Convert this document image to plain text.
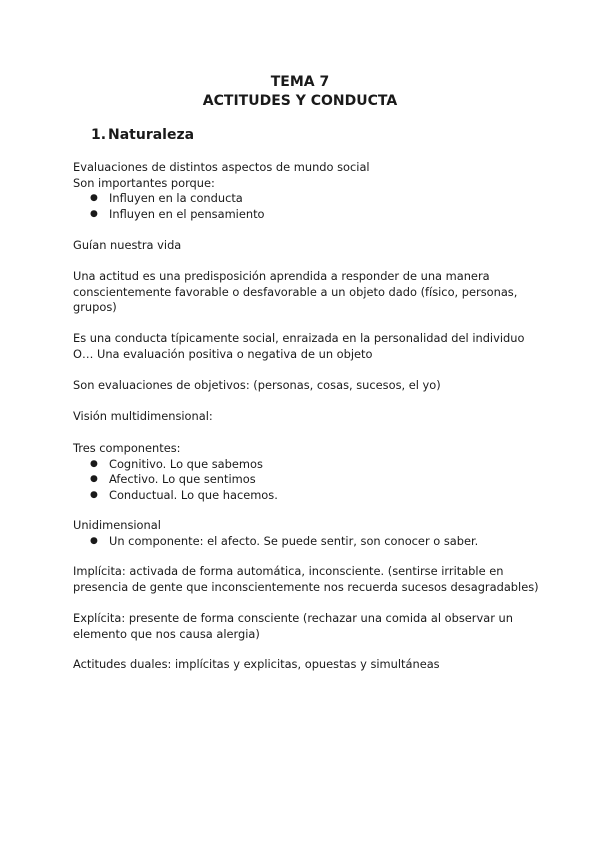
TEMA 7
ACTITUDES Y CONDUCTA
1. Naturaleza
Evaluaciones de distintos aspectos de mundo social
Son importantes porque:
● Influyen en la conducta
● Influyen en el pensamiento
Guían nuestra vida
Una actitud es una predisposición aprendida a responder de una manera
conscientemente favorable o desfavorable a un objeto dado (físico, personas,
grupos)
Es una conducta típicamente social, enraizada en la personalidad del individuo
O… Una evaluación positiva o negativa de un objeto
Son evaluaciones de objetivos: (personas, cosas, sucesos, el yo)
Visión multidimensional:
Tres componentes:
● Cognitivo. Lo que sabemos
● Afectivo. Lo que sentimos
● Conductual. Lo que hacemos.
Unidimensional
● Un componente: el afecto. Se puede sentir, son conocer o saber.
Implícita: activada de forma automática, inconsciente. (sentirse irritable en
presencia de gente que inconscientemente nos recuerda sucesos desagradables)
Explícita: presente de forma consciente (rechazar una comida al observar un
elemento que nos causa alergia)
Actitudes duales: implícitas y explicitas, opuestas y simultáneas
